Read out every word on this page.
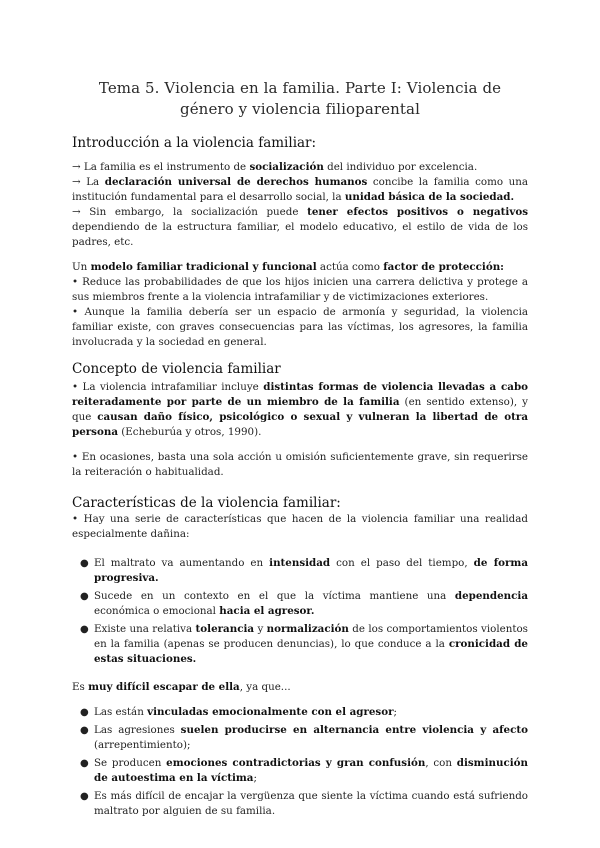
Tema 5. Violencia en la familia. Parte I: Violencia de
género y violencia filioparental
Introducción a la violencia familiar:

→ La familia es el instrumento de socialización del individuo por excelencia.

→ La declaración universal de derechos humanos concibe la familia como una institución fundamental para el desarrollo social, la unidad básica de la sociedad.

→ Sin embargo, la socialización puede tener efectos positivos o negativos dependiendo de la estructura familiar, el modelo educativo, el estilo de vida de los padres, etc.

Un modelo familiar tradicional y funcional actúa como factor de protección:

• Reduce las probabilidades de que los hijos inicien una carrera delictiva y protege a sus miembros frente a la violencia intrafamiliar y de victimizaciones exteriores.

• Aunque la familia debería ser un espacio de armonía y seguridad, la violencia familiar existe, con graves consecuencias para las víctimas, los agresores, la familia involucrada y la sociedad en general.

Concepto de violencia familiar

• La violencia intrafamiliar incluye distintas formas de violencia llevadas a cabo reiteradamente por parte de un miembro de la familia (en sentido extenso), y que causan daño físico, psicológico o sexual y vulneran la libertad de otra persona (Echeburúa y otros, 1990).

• En ocasiones, basta una sola acción u omisión suficientemente grave, sin requerirse la reiteración o habitualidad.

Características de la violencia familiar:

• Hay una serie de características que hacen de la violencia familiar una realidad especialmente dañina:

● El maltrato va aumentando en intensidad con el paso del tiempo, de forma progresiva.
● Sucede en un contexto en el que la víctima mantiene una dependencia económica o emocional hacia el agresor.
● Existe una relativa tolerancia y normalización de los comportamientos violentos en la familia (apenas se producen denuncias), lo que conduce a la cronicidad de estas situaciones.

Es muy difícil escapar de ella, ya que...

● Las están vinculadas emocionalmente con el agresor;
● Las agresiones suelen producirse en alternancia entre violencia y afecto (arrepentimiento);
● Se producen emociones contradictorias y gran confusión, con disminución de autoestima en la víctima;
● Es más difícil de encajar la vergüenza que siente la víctima cuando está sufriendo maltrato por alguien de su familia.
